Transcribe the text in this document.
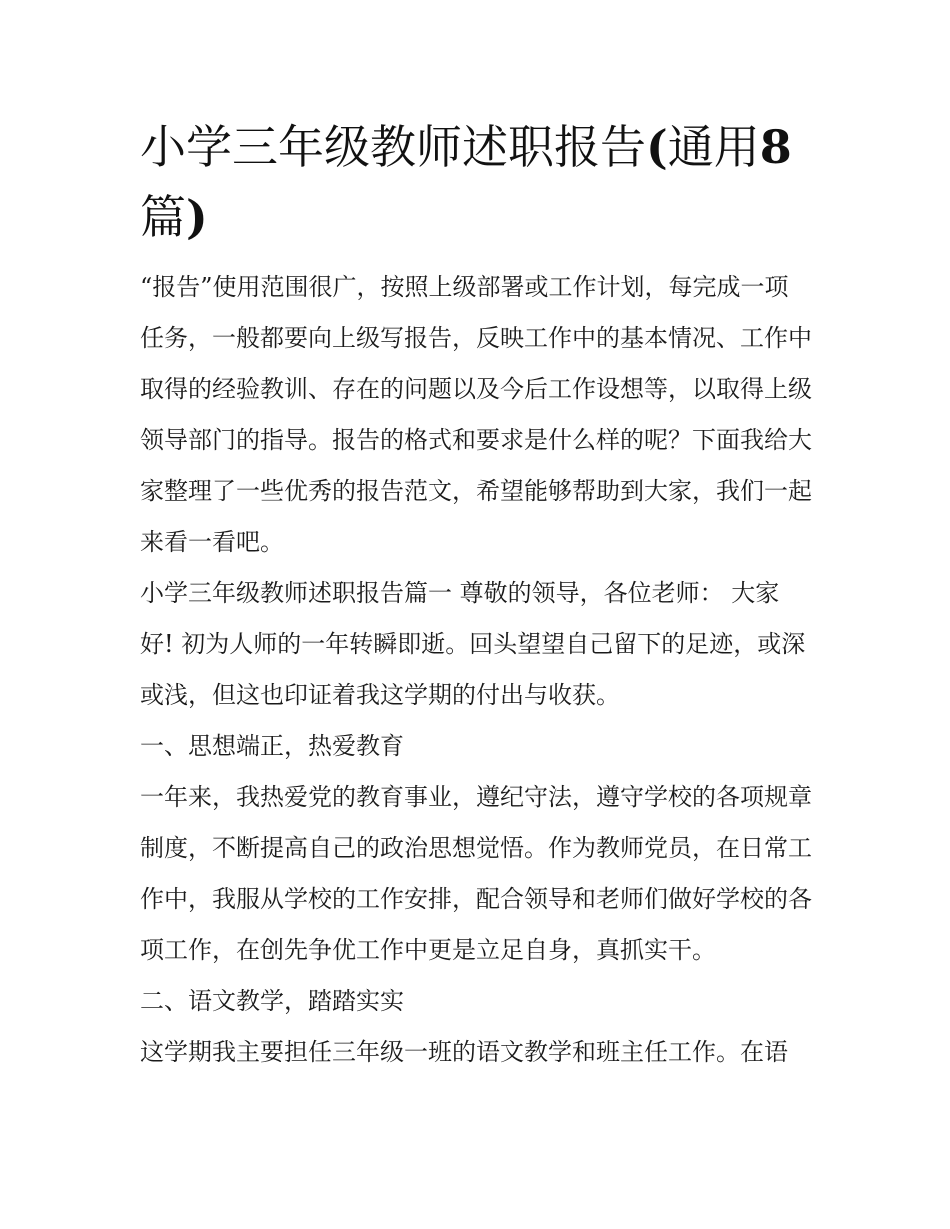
小学三年级教师述职报告(通用8篇)

“报告”使用范围很广，按照上级部署或工作计划，每完成一项任务，一般都要向上级写报告，反映工作中的基本情况、工作中取得的经验教训、存在的问题以及今后工作设想等，以取得上级领导部门的指导。报告的格式和要求是什么样的呢？下面我给大家整理了一些优秀的报告范文，希望能够帮助到大家，我们一起来看一看吧。

小学三年级教师述职报告篇一 尊敬的领导，各位老师： 大家好! 初为人师的一年转瞬即逝。回头望望自己留下的足迹，或深或浅，但这也印证着我这学期的付出与收获。

一、思想端正，热爱教育

一年来，我热爱党的教育事业，遵纪守法，遵守学校的各项规章制度，不断提高自己的政治思想觉悟。作为教师党员，在日常工作中，我服从学校的工作安排，配合领导和老师们做好学校的各项工作，在创先争优工作中更是立足自身，真抓实干。

二、语文教学，踏踏实实

这学期我主要担任三年级一班的语文教学和班主任工作。在语
